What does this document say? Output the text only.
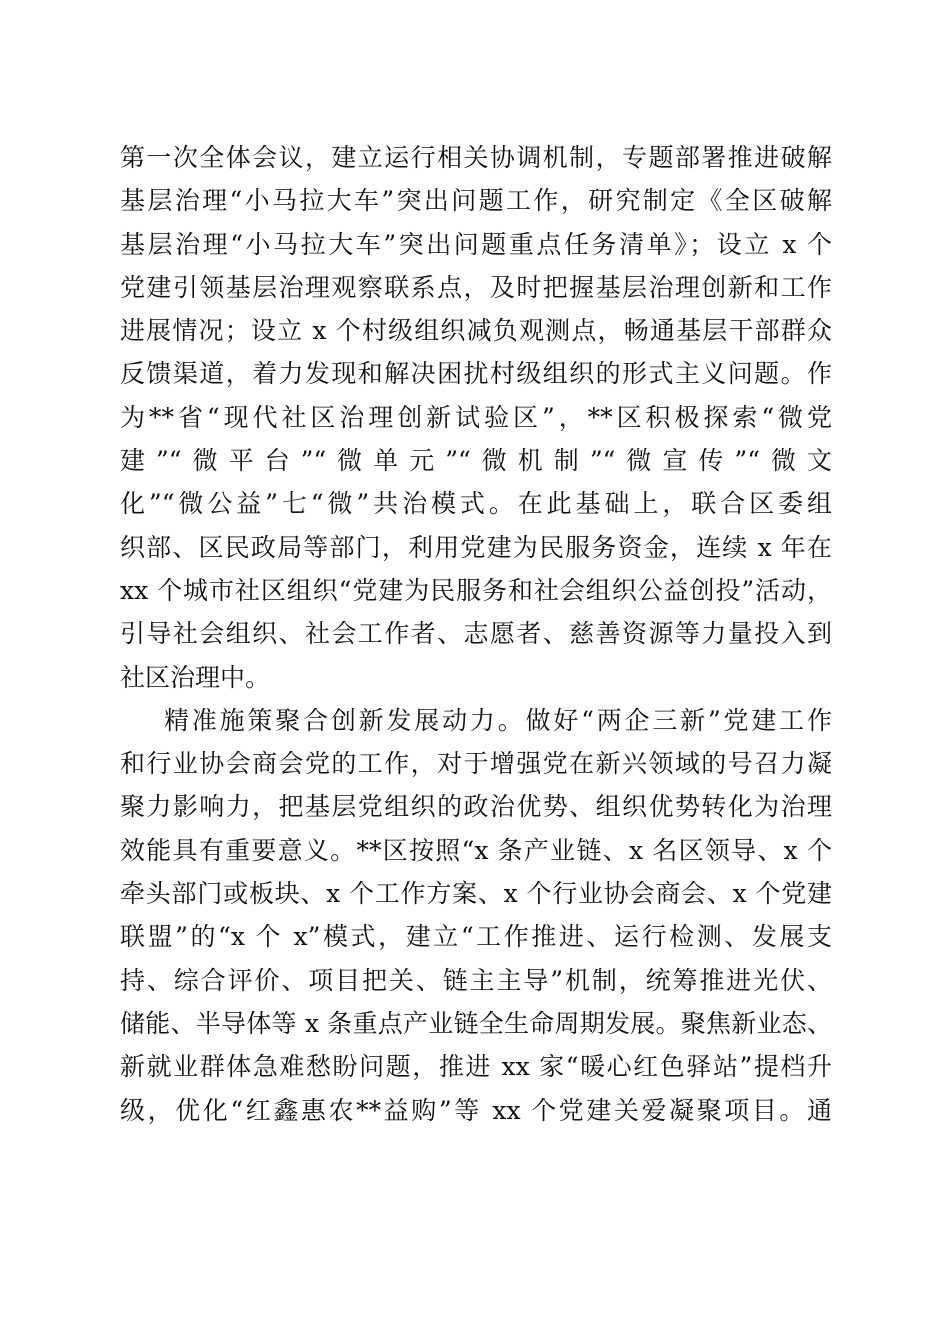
第一次全体会议，建立运行相关协调机制，专题部署推进破解
基层治理“小马拉大车”突出问题工作，研究制定《全区破解
基层治理“小马拉大车”突出问题重点任务清单》；设立 x 个
党建引领基层治理观察联系点，及时把握基层治理创新和工作
进展情况；设立 x 个村级组织减负观测点，畅通基层干部群众
反馈渠道，着力发现和解决困扰村级组织的形式主义问题。作
为**省“现代社区治理创新试验区”，**区积极探索“微党
建”“微平台”“微单元”“微机制”“微宣传”“微文
化”“微公益”七“微”共治模式。在此基础上，联合区委组
织部、区民政局等部门，利用党建为民服务资金，连续 x 年在
xx 个城市社区组织“党建为民服务和社会组织公益创投”活动，
引导社会组织、社会工作者、志愿者、慈善资源等力量投入到
社区治理中。
精准施策聚合创新发展动力。做好“两企三新”党建工作
和行业协会商会党的工作，对于增强党在新兴领域的号召力凝
聚力影响力，把基层党组织的政治优势、组织优势转化为治理
效能具有重要意义。**区按照“x 条产业链、x 名区领导、x 个
牵头部门或板块、x 个工作方案、x 个行业协会商会、x 个党建
联盟”的“x 个 x”模式，建立“工作推进、运行检测、发展支
持、综合评价、项目把关、链主主导”机制，统筹推进光伏、
储能、半导体等 x 条重点产业链全生命周期发展。聚焦新业态、
新就业群体急难愁盼问题，推进 xx 家“暖心红色驿站”提档升
级，优化“红鑫惠农**益购”等 xx 个党建关爱凝聚项目。通
